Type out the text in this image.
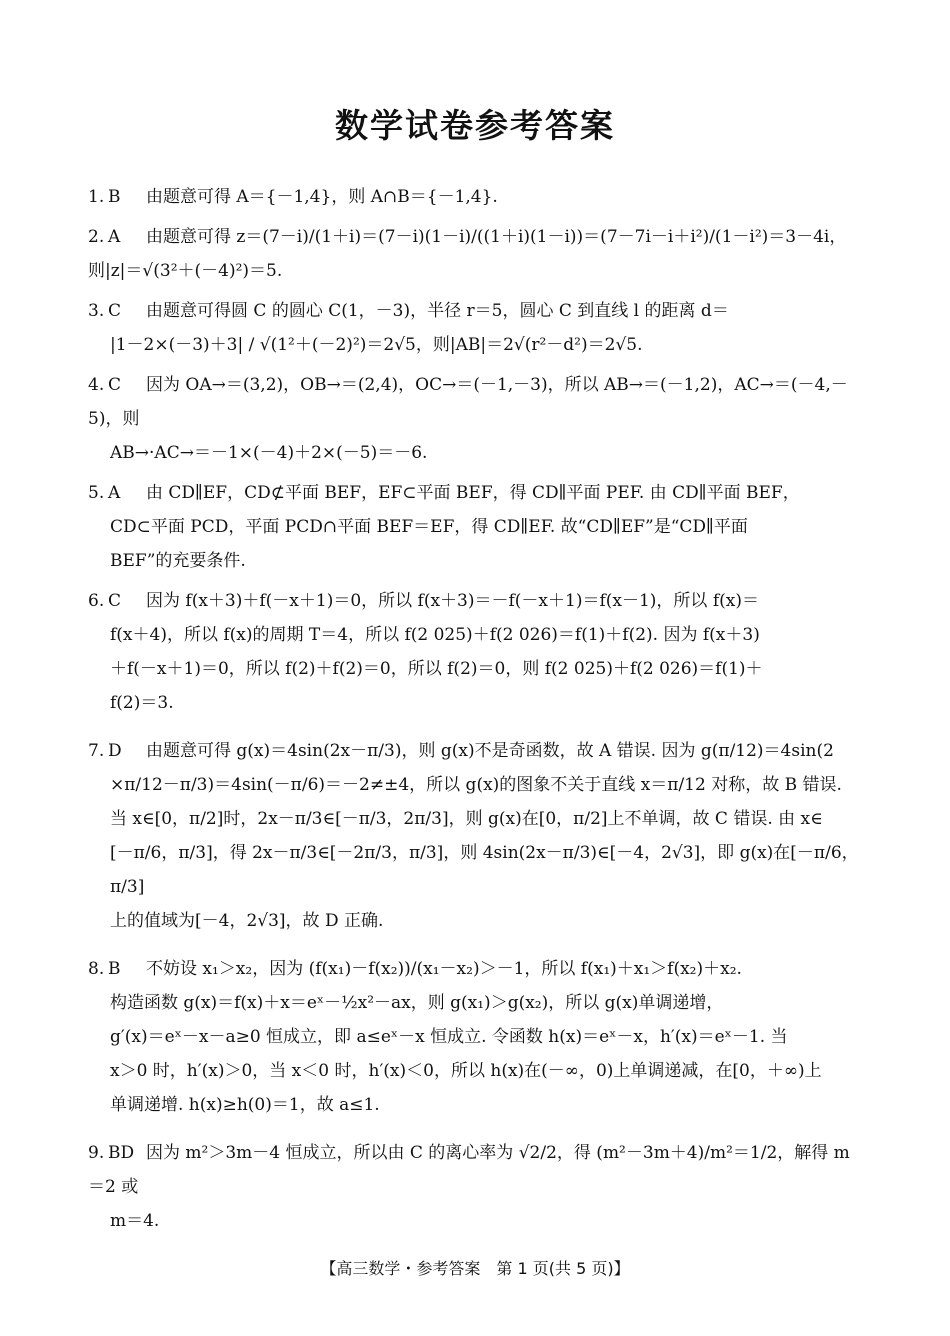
数学试卷参考答案
1. B 由题意可得 A＝{－1,4}，则 A∩B＝{－1,4}.
2. A 由题意可得 z＝(7－i)/(1＋i)＝(7－i)(1－i)/((1＋i)(1－i))＝(7－7i－i＋i²)/(1－i²)＝3－4i，则|z|＝√(3²＋(－4)²)＝5.
3. C 由题意可得圆 C 的圆心 C(1，－3)，半径 r＝5，圆心 C 到直线 l 的距离 d＝
|1－2×(－3)＋3| / √(1²＋(－2)²)＝2√5，则|AB|＝2√(r²－d²)＝2√5.
4. C 因为 OA→＝(3,2)，OB→＝(2,4)，OC→＝(－1,－3)，所以 AB→＝(－1,2)，AC→＝(－4,－5)，则
AB→·AC→＝－1×(－4)＋2×(－5)＝－6.
5. A 由 CD∥EF，CD⊄平面 BEF，EF⊂平面 BEF，得 CD∥平面 PEF. 由 CD∥平面 BEF，
CD⊂平面 PCD，平面 PCD∩平面 BEF＝EF，得 CD∥EF. 故“CD∥EF”是“CD∥平面
BEF”的充要条件.
6. C 因为 f(x＋3)＋f(－x＋1)＝0，所以 f(x＋3)＝－f(－x＋1)＝f(x－1)，所以 f(x)＝
f(x＋4)，所以 f(x)的周期 T＝4，所以 f(2 025)＋f(2 026)＝f(1)＋f(2). 因为 f(x＋3)
＋f(－x＋1)＝0，所以 f(2)＋f(2)＝0，所以 f(2)＝0，则 f(2 025)＋f(2 026)＝f(1)＋
f(2)＝3.
7. D 由题意可得 g(x)＝4sin(2x－π/3)，则 g(x)不是奇函数，故 A 错误. 因为 g(π/12)＝4sin(2
×π/12－π/3)＝4sin(－π/6)＝－2≠±4，所以 g(x)的图象不关于直线 x＝π/12 对称，故 B 错误.
当 x∈[0，π/2]时，2x－π/3∈[－π/3，2π/3]，则 g(x)在[0，π/2]上不单调，故 C 错误. 由 x∈
[－π/6，π/3]，得 2x－π/3∈[－2π/3，π/3]，则 4sin(2x－π/3)∈[－4，2√3]，即 g(x)在[－π/6，π/3]
上的值域为[－4，2√3]，故 D 正确.
8. B 不妨设 x₁＞x₂，因为 (f(x₁)－f(x₂))/(x₁－x₂)＞－1，所以 f(x₁)＋x₁＞f(x₂)＋x₂.
构造函数 g(x)＝f(x)＋x＝eˣ－½x²－ax，则 g(x₁)＞g(x₂)，所以 g(x)单调递增，
g′(x)＝eˣ－x－a≥0 恒成立，即 a≤eˣ－x 恒成立. 令函数 h(x)＝eˣ－x，h′(x)＝eˣ－1. 当
x＞0 时，h′(x)＞0，当 x＜0 时，h′(x)＜0，所以 h(x)在(－∞，0)上单调递减，在[0，＋∞)上
单调递增. h(x)≥h(0)＝1，故 a≤1.
9. BD 因为 m²＞3m－4 恒成立，所以由 C 的离心率为 √2/2，得 (m²－3m＋4)/m²＝1/2，解得 m＝2 或
m＝4.
【高三数学・参考答案　第 1 页(共 5 页)】
